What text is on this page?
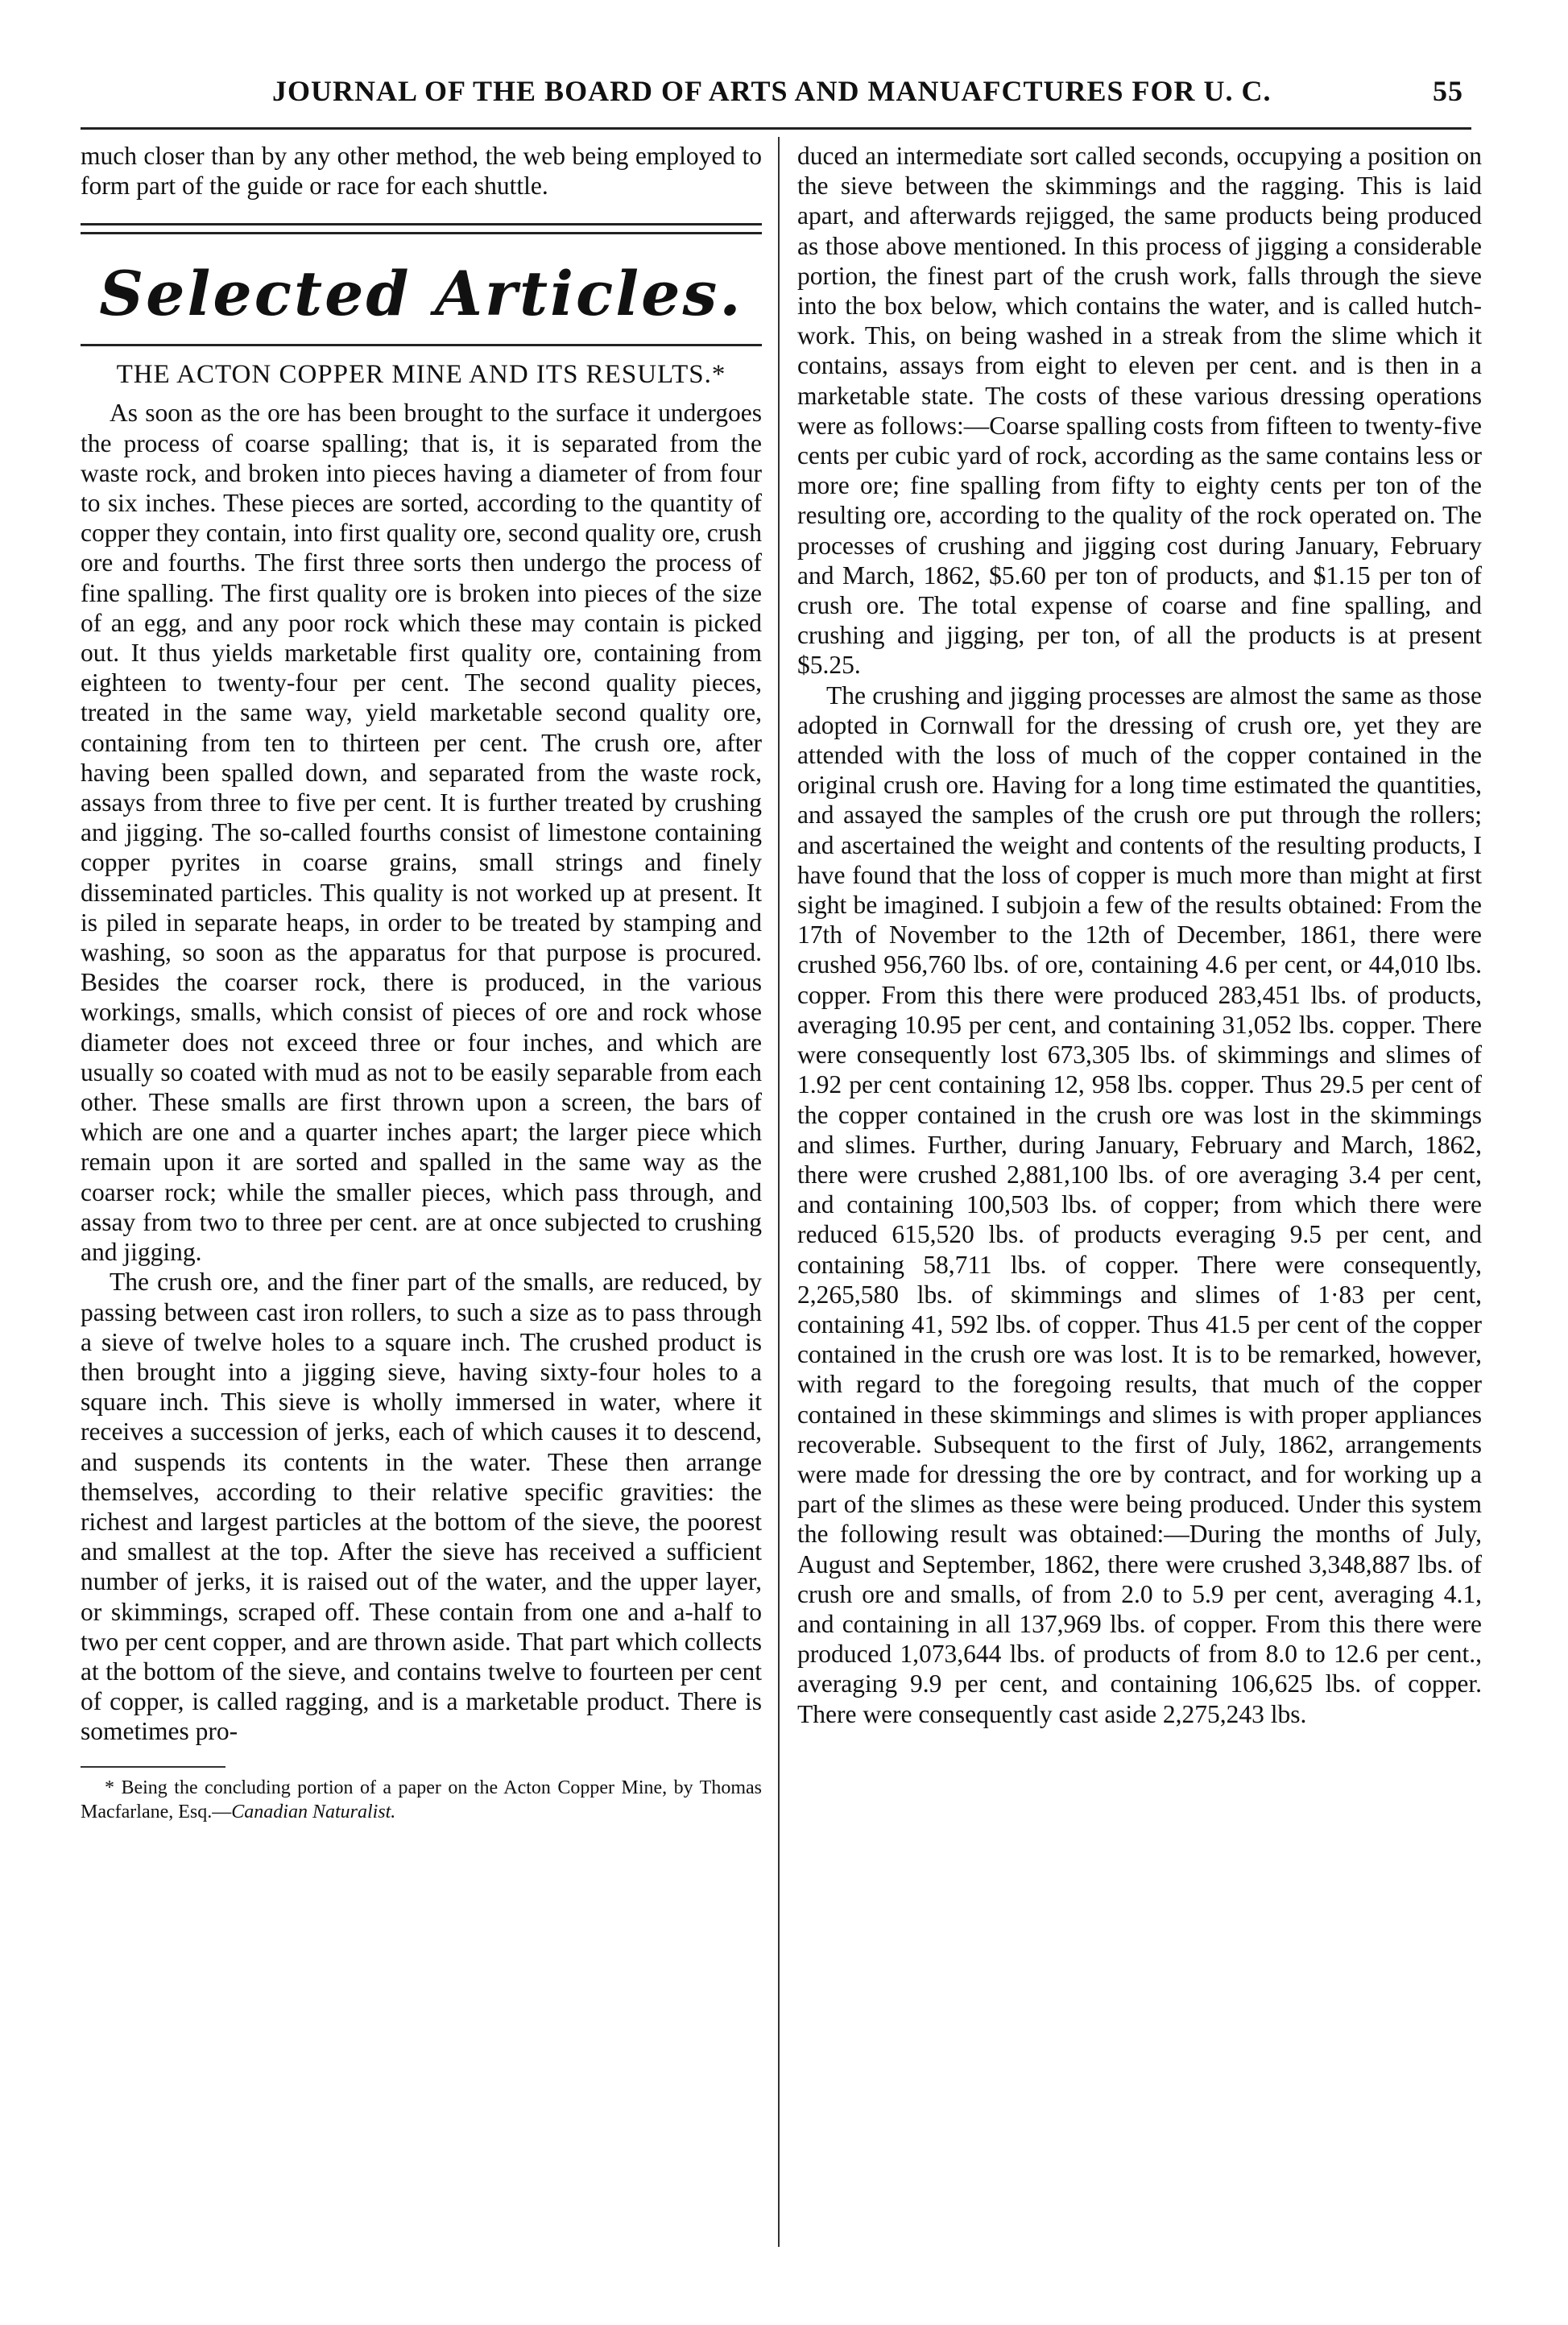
JOURNAL OF THE BOARD OF ARTS AND MANUAFCTURES FOR U. C.	55

much closer than by any other method, the web being employed to form part of the guide or race for each shuttle.

Selected Articles.
THE ACTON COPPER MINE AND ITS RESULTS.*

As soon as the ore has been brought to the surface it undergoes the process of coarse spalling; that is, it is separated from the waste rock, and broken into pieces having a diameter of from four to six inches. These pieces are sorted, according to the quantity of copper they contain, into first quality ore, second quality ore, crush ore and fourths. The first three sorts then undergo the process of fine spalling. The first quality ore is broken into pieces of the size of an egg, and any poor rock which these may contain is picked out. It thus yields marketable first quality ore, containing from eighteen to twenty-four per cent. The second quality pieces, treated in the same way, yield marketable second quality ore, containing from ten to thirteen per cent. The crush ore, after having been spalled down, and separated from the waste rock, assays from three to five per cent. It is further treated by crushing and jigging. The so-called fourths consist of limestone containing copper pyrites in coarse grains, small strings and finely disseminated particles. This quality is not worked up at present. It is piled in separate heaps, in order to be treated by stamping and washing, so soon as the apparatus for that purpose is procured. Besides the coarser rock, there is produced, in the various workings, smalls, which consist of pieces of ore and rock whose diameter does not exceed three or four inches, and which are usually so coated with mud as not to be easily separable from each other. These smalls are first thrown upon a screen, the bars of which are one and a quarter inches apart; the larger piece which remain upon it are sorted and spalled in the same way as the coarser rock; while the smaller pieces, which pass through, and assay from two to three per cent. are at once subjected to crushing and jigging.

The crush ore, and the finer part of the smalls, are reduced, by passing between cast iron rollers, to such a size as to pass through a sieve of twelve holes to a square inch. The crushed product is then brought into a jigging sieve, having sixty-four holes to a square inch. This sieve is wholly immersed in water, where it receives a succession of jerks, each of which causes it to descend, and suspends its contents in the water. These then arrange themselves, according to their relative specific gravities: the richest and largest particles at the bottom of the sieve, the poorest and smallest at the top. After the sieve has received a sufficient number of jerks, it is raised out of the water, and the upper layer, or skimmings, scraped off. These contain from one and a-half to two per cent copper, and are thrown aside. That part which collects at the bottom of the sieve, and contains twelve to fourteen per cent of copper, is called ragging, and is a marketable product. There is sometimes pro-

* Being the concluding portion of a paper on the Acton Copper Mine, by Thomas Macfarlane, Esq.—Canadian Naturalist.

duced an intermediate sort called seconds, occupying a position on the sieve between the skimmings and the ragging. This is laid apart, and afterwards rejigged, the same products being produced as those above mentioned. In this process of jigging a considerable portion, the finest part of the crush work, falls through the sieve into the box below, which contains the water, and is called hutch-work. This, on being washed in a streak from the slime which it contains, assays from eight to eleven per cent. and is then in a marketable state. The costs of these various dressing operations were as follows:—Coarse spalling costs from fifteen to twenty-five cents per cubic yard of rock, according as the same contains less or more ore; fine spalling from fifty to eighty cents per ton of the resulting ore, according to the quality of the rock operated on. The processes of crushing and jigging cost during January, February and March, 1862, $5.60 per ton of products, and $1.15 per ton of crush ore. The total expense of coarse and fine spalling, and crushing and jigging, per ton, of all the products is at present $5.25.

The crushing and jigging processes are almost the same as those adopted in Cornwall for the dressing of crush ore, yet they are attended with the loss of much of the copper contained in the original crush ore. Having for a long time estimated the quantities, and assayed the samples of the crush ore put through the rollers; and ascertained the weight and contents of the resulting products, I have found that the loss of copper is much more than might at first sight be imagined. I subjoin a few of the results obtained: From the 17th of November to the 12th of December, 1861, there were crushed 956,760 lbs. of ore, containing 4.6 per cent, or 44,010 lbs. copper. From this there were produced 283,451 lbs. of products, averaging 10.95 per cent, and containing 31,052 lbs. copper. There were consequently lost 673,305 lbs. of skimmings and slimes of 1.92 per cent containing 12, 958 lbs. copper. Thus 29.5 per cent of the copper contained in the crush ore was lost in the skimmings and slimes. Further, during January, February and March, 1862, there were crushed 2,881,100 lbs. of ore averaging 3.4 per cent, and containing 100,503 lbs. of copper; from which there were reduced 615,520 lbs. of products everaging 9.5 per cent, and containing 58,711 lbs. of copper. There were consequently, 2,265,580 lbs. of skimmings and slimes of 1·83 per cent, containing 41, 592 lbs. of copper. Thus 41.5 per cent of the copper contained in the crush ore was lost. It is to be remarked, however, with regard to the foregoing results, that much of the copper contained in these skimmings and slimes is with proper appliances recoverable. Subsequent to the first of July, 1862, arrangements were made for dressing the ore by contract, and for working up a part of the slimes as these were being produced. Under this system the following result was obtained:—During the months of July, August and September, 1862, there were crushed 3,348,887 lbs. of crush ore and smalls, of from 2.0 to 5.9 per cent, averaging 4.1, and containing in all 137,969 lbs. of copper. From this there were produced 1,073,644 lbs. of products of from 8.0 to 12.6 per cent., averaging 9.9 per cent, and containing 106,625 lbs. of copper. There were consequently cast aside 2,275,243 lbs.
